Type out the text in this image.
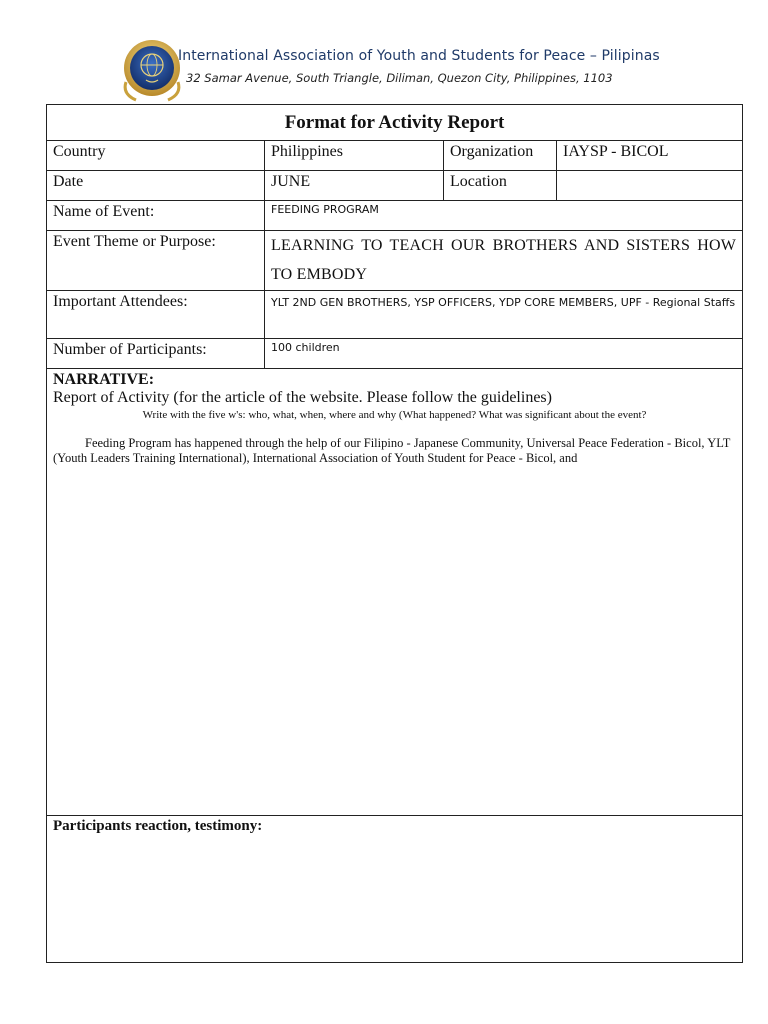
International Association of Youth and Students for Peace – Pilipinas
32 Samar Avenue, South Triangle, Diliman, Quezon City, Philippines, 1103
Format for Activity Report			
Country	Philippines	Organization	IAYSP - BICOL
Date	JUNE	Location	
Name of Event:	FEEDING PROGRAM		
Event Theme or Purpose:	LEARNING TO TEACH OUR BROTHERS AND SISTERS HOW TO EMBODY		
Important Attendees:	YLT 2ND GEN BROTHERS, YSP OFFICERS, YDP CORE MEMBERS, UPF - Regional Staffs		
Number of Participants:	100 children		

NARRATIVE:
Report of Activity (for the article of the website. Please follow the guidelines)
Write with the five w's: who, what, when, where and why (What happened? What was significant about the event?
Feeding Program has happened through the help of our Filipino - Japanese Community, Universal Peace Federation - Bicol, YLT (Youth Leaders Training International), International Association of Youth Student for Peace - Bicol, and			

Participants reaction, testimony:			
